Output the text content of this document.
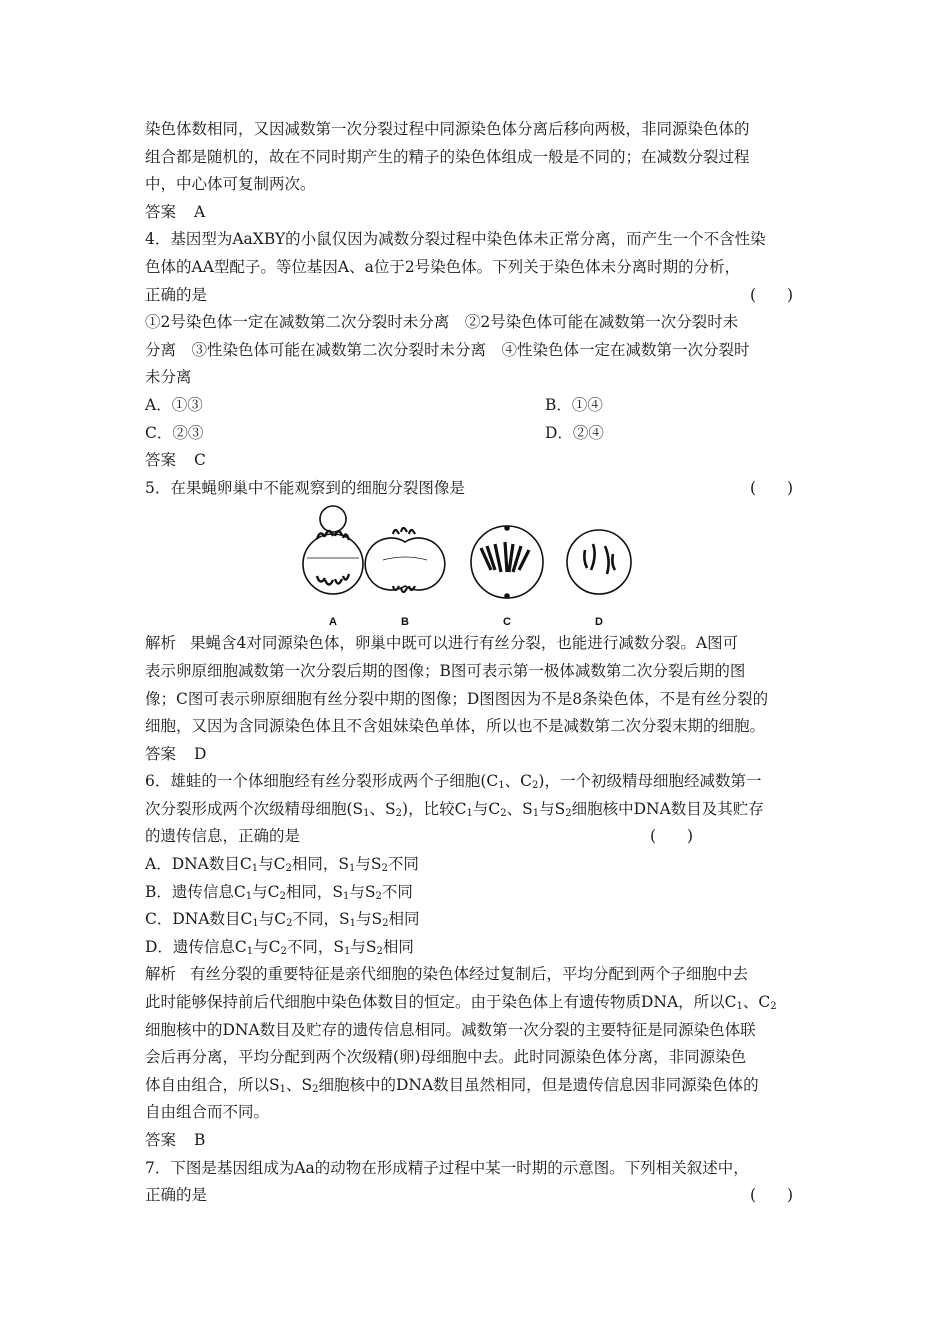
染色体数相同，又因减数第一次分裂过程中同源染色体分离后移向两极，非同源染色体的
组合都是随机的，故在不同时期产生的精子的染色体组成一般是不同的；在减数分裂过程
中，中心体可复制两次。
答案 A
4．基因型为AaXBY的小鼠仅因为减数分裂过程中染色体未正常分离，而产生一个不含性染
色体的AA型配子。等位基因A、a位于2号染色体。下列关于染色体未分离时期的分析，
正确的是	(　　)
①2号染色体一定在减数第二次分裂时未分离　②2号染色体可能在减数第一次分裂时未
分离　③性染色体可能在减数第二次分裂时未分离　④性染色体一定在减数第一次分裂时
未分离
A．①③	B．①④
C．②③	D．②④
答案 C
5．在果蝇卵巢中不能观察到的细胞分裂图像是	(　　)
A	B	C	D
解析 果蝇含4对同源染色体，卵巢中既可以进行有丝分裂，也能进行减数分裂。A图可
表示卵原细胞减数第一次分裂后期的图像；B图可表示第一极体减数第二次分裂后期的图
像；C图可表示卵原细胞有丝分裂中期的图像；D图图因为不是8条染色体，不是有丝分裂的
细胞，又因为含同源染色体且不含姐妹染色单体，所以也不是减数第二次分裂末期的细胞。
答案 D
6．雄蛙的一个体细胞经有丝分裂形成两个子细胞($C_1$、$C_2$)，一个初级精母细胞经减数第一
次分裂形成两个次级精母细胞($S_1$、$S_2$)，比较$C_1$与$C_2$、$S_1$与$S_2$细胞核中DNA数目及其贮存
的遗传信息，正确的是	(　　)
A．DNA数目$C_1$与$C_2$相同，$S_1$与$S_2$不同
B．遗传信息$C_1$与$C_2$相同，$S_1$与$S_2$不同
C．DNA数目$C_1$与$C_2$不同，$S_1$与$S_2$相同
D．遗传信息$C_1$与$C_2$不同，$S_1$与$S_2$相同
解析 有丝分裂的重要特征是亲代细胞的染色体经过复制后，平均分配到两个子细胞中去
此时能够保持前后代细胞中染色体数目的恒定。由于染色体上有遗传物质DNA，所以$C_1$、$C_2$
细胞核中的DNA数目及贮存的遗传信息相同。减数第一次分裂的主要特征是同源染色体联
会后再分离，平均分配到两个次级精(卵)母细胞中去。此时同源染色体分离，非同源染色
体自由组合，所以$S_1$、$S_2$细胞核中的DNA数目虽然相同，但是遗传信息因非同源染色体的
自由组合而不同。
答案 B
7．下图是基因组成为Aa的动物在形成精子过程中某一时期的示意图。下列相关叙述中，
正确的是	(　　)
